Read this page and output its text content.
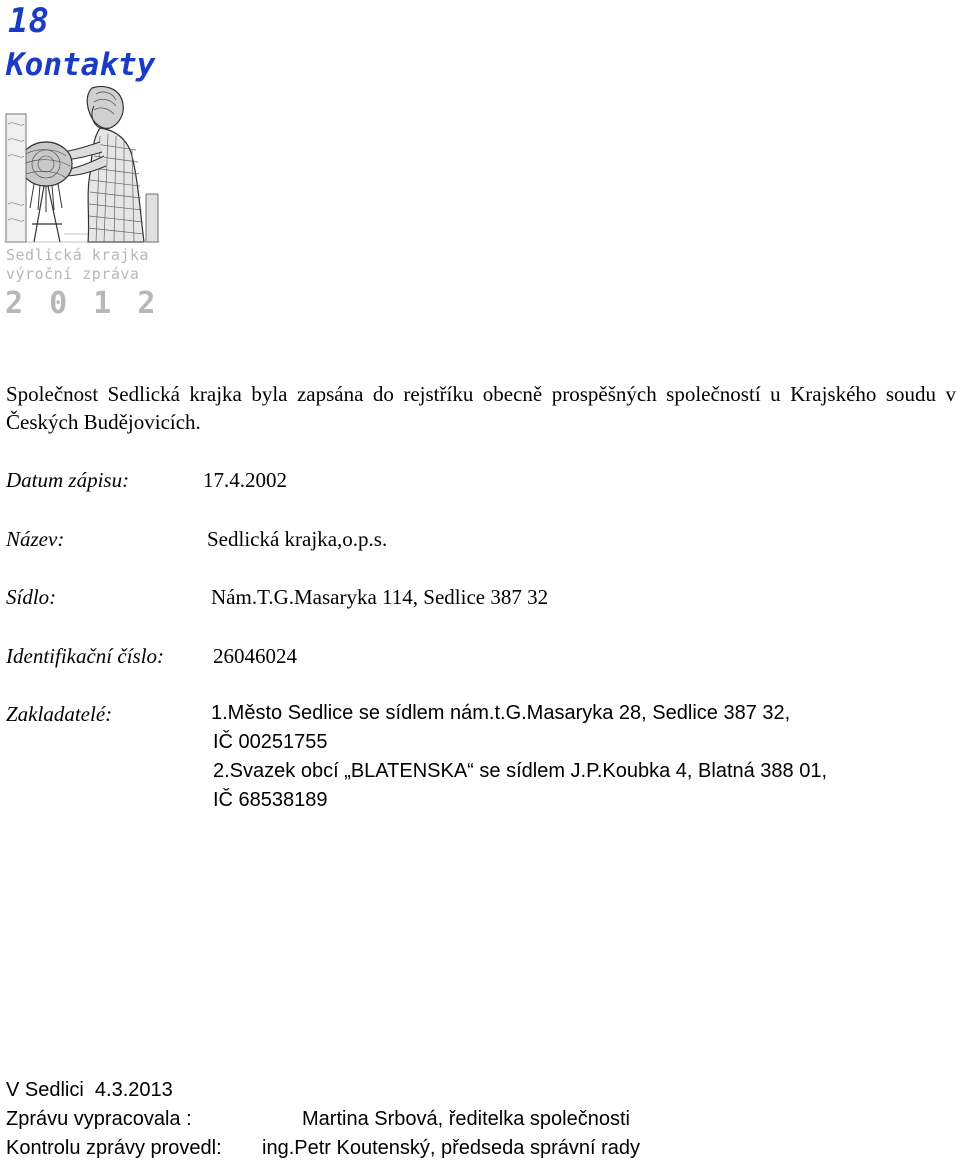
18
Kontakty
Sedlická krajka
výroční zpráva
2 0 1 2
Společnost Sedlická krajka byla zapsána do rejstříku obecně prospěšných společností u Krajského soudu v Českých Budějovicích.
Datum zápisu:	17.4.2002
Název:	Sedlická krajka,o.p.s.
Sídlo:	Nám.T.G.Masaryka 114, Sedlice 387 32
Identifikační číslo: 26046024
Zakladatelé:	1.Město Sedlice se sídlem nám.t.G.Masaryka 28, Sedlice 387 32,
IČ 00251755
2.Svazek obcí „BLATENSKA“ se sídlem J.P.Koubka 4, Blatná 388 01,
IČ 68538189
V Sedlici  4.3.2013
Zprávu vypracovala :	Martina Srbová, ředitelka společnosti
Kontrolu zprávy provedl: ing.Petr Koutenský, předseda správní rady
